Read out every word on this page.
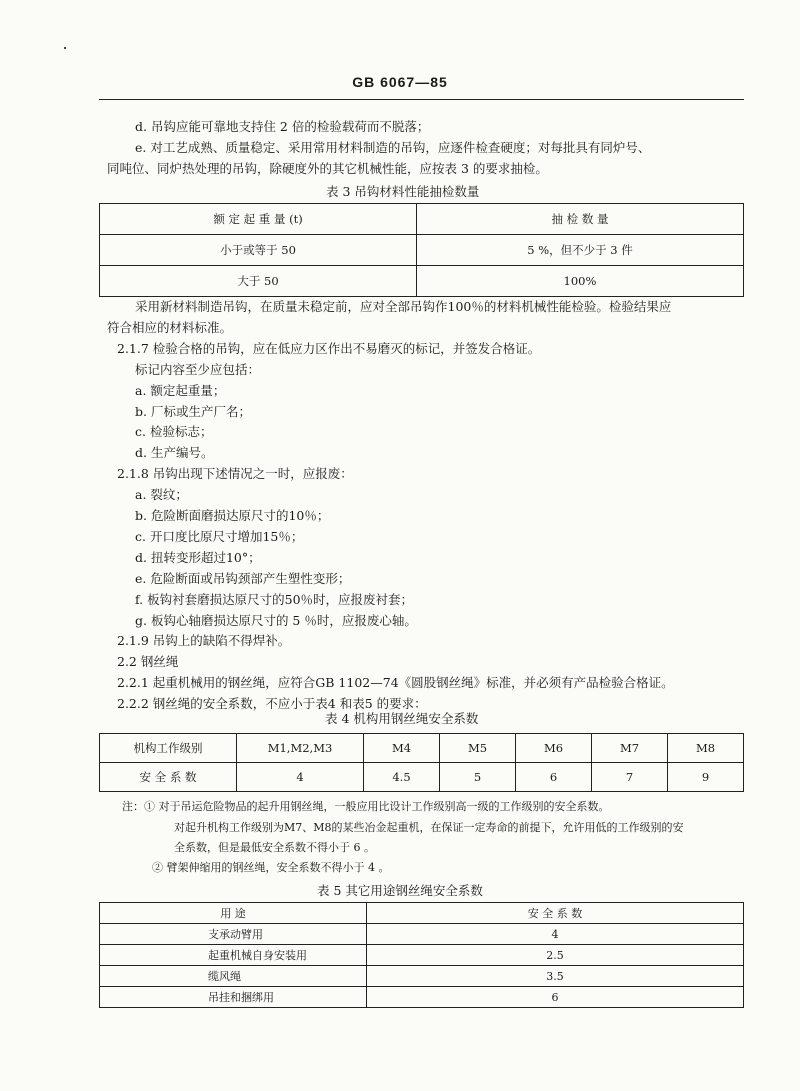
GB 6067—85
d. 吊钩应能可靠地支持住 2 倍的检验载荷而不脱落；
e. 对工艺成熟、质量稳定、采用常用材料制造的吊钩，应逐件检查硬度；对每批具有同炉号、
同吨位、同炉热处理的吊钩，除硬度外的其它机械性能，应按表 3 的要求抽检。
表 3 吊钩材料性能抽检数量
额 定 起 重 量 (t)	抽 检 数 量
小于或等于 50	5 %，但不少于 3 件
大于 50	100%
采用新材料制造吊钩，在质量未稳定前，应对全部吊钩作100％的材料机械性能检验。检验结果应
符合相应的材料标准。
2.1.7 检验合格的吊钩，应在低应力区作出不易磨灭的标记，并签发合格证。
标记内容至少应包括：
a. 额定起重量；
b. 厂标或生产厂名；
c. 检验标志；
d. 生产编号。
2.1.8 吊钩出现下述情况之一时，应报废：
a. 裂纹；
b. 危险断面磨损达原尺寸的10％；
c. 开口度比原尺寸增加15％；
d. 扭转变形超过10°；
e. 危险断面或吊钩颈部产生塑性变形；
f. 板钩衬套磨损达原尺寸的50％时，应报废衬套；
g. 板钩心轴磨损达原尺寸的 5 ％时，应报废心轴。
2.1.9 吊钩上的缺陷不得焊补。
2.2 钢丝绳
2.2.1 起重机械用的钢丝绳，应符合GB 1102—74《圆股钢丝绳》标准，并必须有产品检验合格证。
2.2.2 钢丝绳的安全系数，不应小于表4 和表5 的要求：
表 4 机构用钢丝绳安全系数
机构工作级别	M1,M2,M3	M4	M5	M6	M7	M8
安 全 系 数	4	4.5	5	6	7	9
注：① 对于吊运危险物品的起升用钢丝绳，一般应用比设计工作级别高一级的工作级别的安全系数。
对起升机构工作级别为M7、M8的某些冶金起重机，在保证一定寿命的前提下，允许用低的工作级别的安
全系数，但是最低安全系数不得小于 6 。
② 臂架伸缩用的钢丝绳，安全系数不得小于 4 。
表 5 其它用途钢丝绳安全系数
用 途	安 全 系 数
支承动臂用	4
起重机械自身安装用	2.5
缆风绳	3.5
吊挂和捆绑用	6
